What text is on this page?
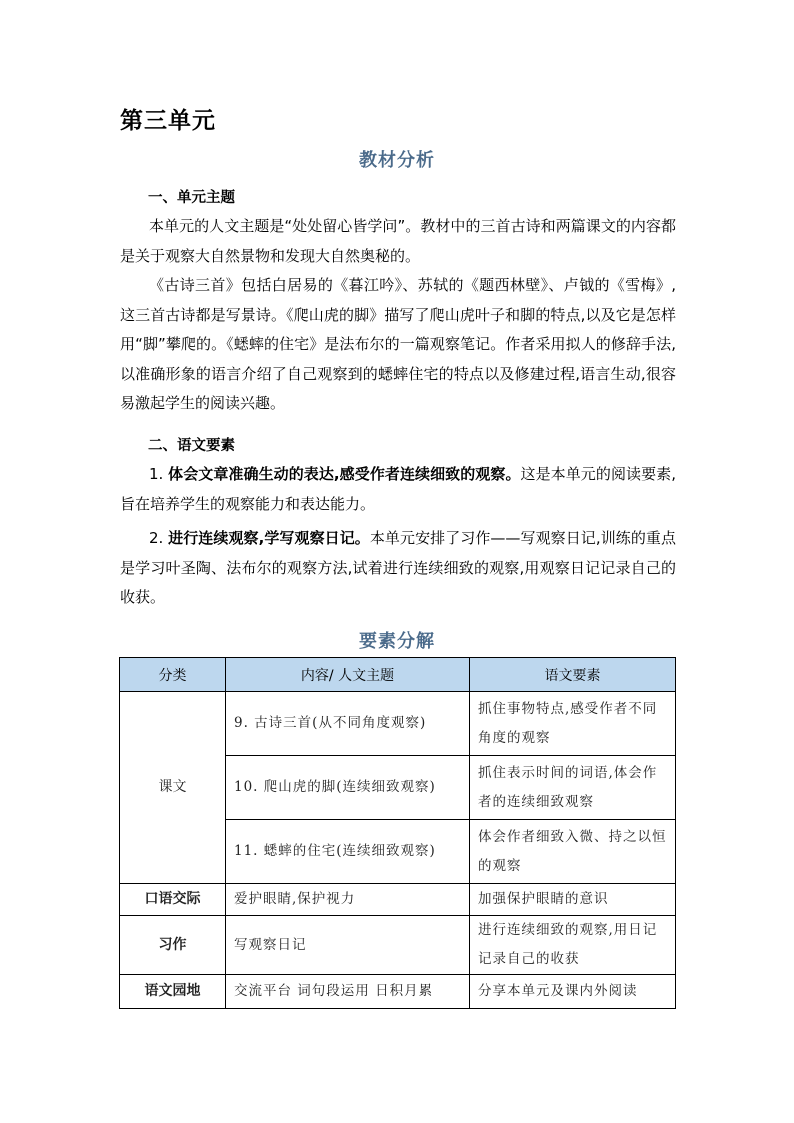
第三单元
教材分析
一、单元主题

本单元的人文主题是“处处留心皆学问”。教材中的三首古诗和两篇课文的内容都是关于观察大自然景物和发现大自然奥秘的。

《古诗三首》包括白居易的《暮江吟》、苏轼的《题西林壁》、卢钺的《雪梅》,这三首古诗都是写景诗。《爬山虎的脚》描写了爬山虎叶子和脚的特点,以及它是怎样用“脚”攀爬的。《蟋蟀的住宅》是法布尔的一篇观察笔记。作者采用拟人的修辞手法,以准确形象的语言介绍了自己观察到的蟋蟀住宅的特点以及修建过程,语言生动,很容易激起学生的阅读兴趣。

二、语文要素

1. 体会文章准确生动的表达,感受作者连续细致的观察。这是本单元的阅读要素,旨在培养学生的观察能力和表达能力。

2. 进行连续观察,学写观察日记。本单元安排了习作——写观察日记,训练的重点是学习叶圣陶、法布尔的观察方法,试着进行连续细致的观察,用观察日记记录自己的收获。

要素分解
分类	内容/ 人文主题	语文要素
课文	9. 古诗三首(从不同角度观察)	抓住事物特点,感受作者不同角度的观察
	10. 爬山虎的脚(连续细致观察)	抓住表示时间的词语,体会作者的连续细致观察
	11. 蟋蟀的住宅(连续细致观察)	体会作者细致入微、持之以恒的观察
口语交际	爱护眼睛,保护视力	加强保护眼睛的意识
习作	写观察日记	进行连续细致的观察,用日记记录自己的收获
语文园地	交流平台 词句段运用 日积月累	分享本单元及课内外阅读
